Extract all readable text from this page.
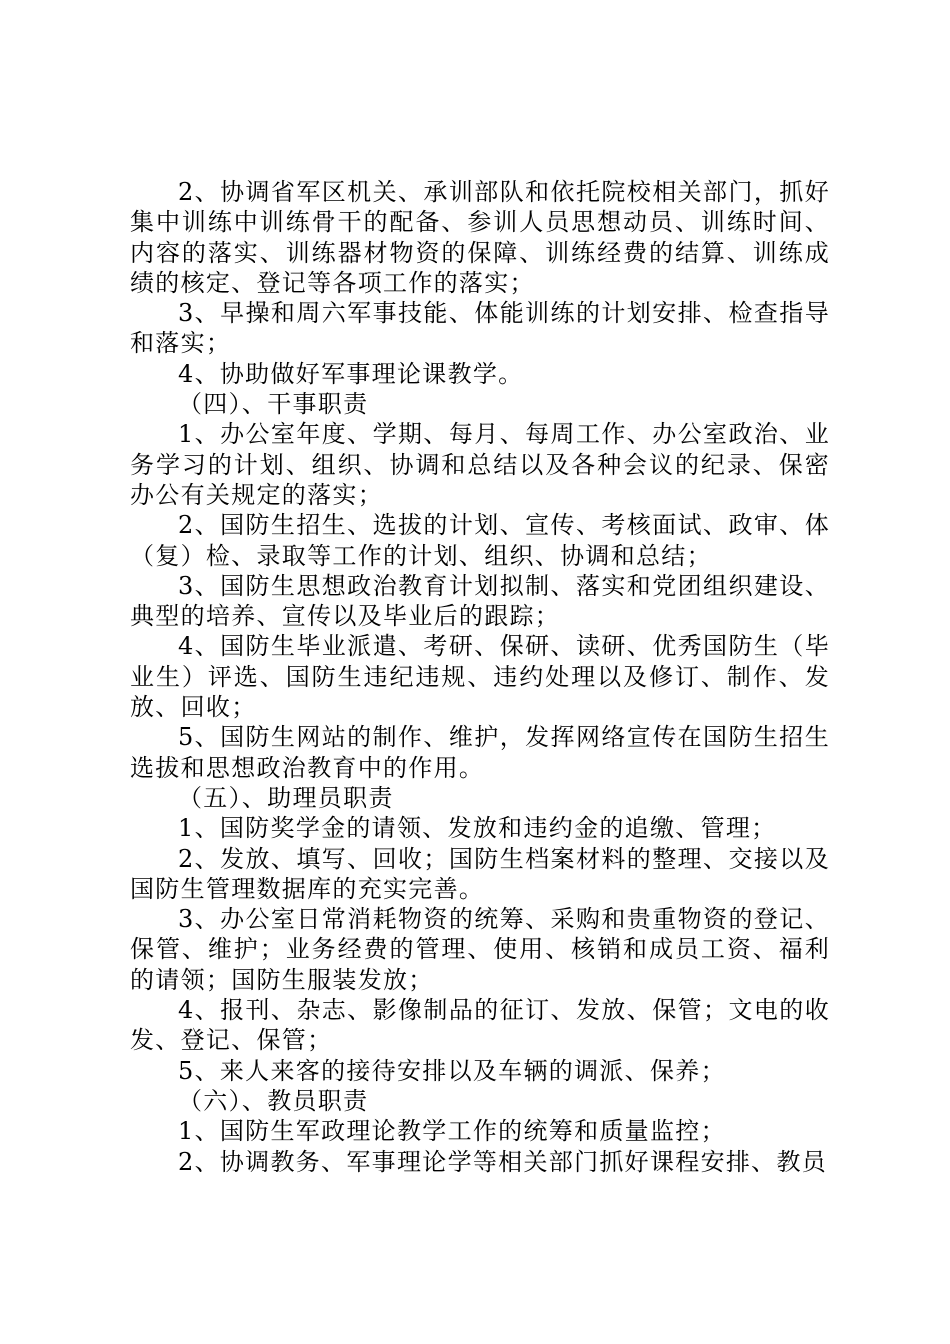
2、协调省军区机关、承训部队和依托院校相关部门，抓好集中训练中训练骨干的配备、参训人员思想动员、训练时间、内容的落实、训练器材物资的保障、训练经费的结算、训练成绩的核定、登记等各项工作的落实；

3、早操和周六军事技能、体能训练的计划安排、检查指导和落实；

4、协助做好军事理论课教学。

（四）、干事职责

1、办公室年度、学期、每月、每周工作、办公室政治、业务学习的计划、组织、协调和总结以及各种会议的纪录、保密办公有关规定的落实；

2、国防生招生、选拔的计划、宣传、考核面试、政审、体（复）检、录取等工作的计划、组织、协调和总结；

3、国防生思想政治教育计划拟制、落实和党团组织建设、典型的培养、宣传以及毕业后的跟踪；

4、国防生毕业派遣、考研、保研、读研、优秀国防生（毕业生）评选、国防生违纪违规、违约处理以及修订、制作、发放、回收；

5、国防生网站的制作、维护，发挥网络宣传在国防生招生选拔和思想政治教育中的作用。

（五）、助理员职责

1、国防奖学金的请领、发放和违约金的追缴、管理；

2、发放、填写、回收；国防生档案材料的整理、交接以及国防生管理数据库的充实完善。

3、办公室日常消耗物资的统筹、采购和贵重物资的登记、保管、维护；业务经费的管理、使用、核销和成员工资、福利的请领；国防生服装发放；

4、报刊、杂志、影像制品的征订、发放、保管；文电的收发、登记、保管；

5、来人来客的接待安排以及车辆的调派、保养；

（六）、教员职责

1、国防生军政理论教学工作的统筹和质量监控；

2、协调教务、军事理论学等相关部门抓好课程安排、教员
